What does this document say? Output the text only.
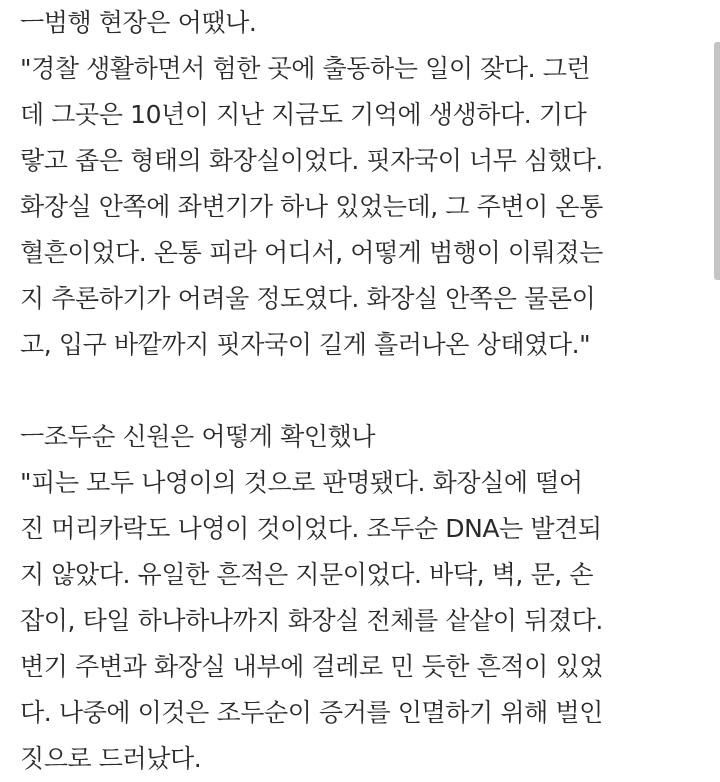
ㅡ범행 현장은 어땠나.
"경찰 생활하면서 험한 곳에 출동하는 일이 잦다. 그런
데 그곳은 10년이 지난 지금도 기억에 생생하다. 기다
랗고 좁은 형태의 화장실이었다. 핏자국이 너무 심했다.
화장실 안쪽에 좌변기가 하나 있었는데, 그 주변이 온통
혈흔이었다. 온통 피라 어디서, 어떻게 범행이 이뤄졌는
지 추론하기가 어려울 정도였다. 화장실 안쪽은 물론이
고, 입구 바깥까지 핏자국이 길게 흘러나온 상태였다."
ㅡ조두순 신원은 어떻게 확인했나
"피는 모두 나영이의 것으로 판명됐다. 화장실에 떨어
진 머리카락도 나영이 것이었다. 조두순 DNA는 발견되
지 않았다. 유일한 흔적은 지문이었다. 바닥, 벽, 문, 손
잡이, 타일 하나하나까지 화장실 전체를 샅샅이 뒤졌다.
변기 주변과 화장실 내부에 걸레로 민 듯한 흔적이 있었
다. 나중에 이것은 조두순이 증거를 인멸하기 위해 벌인
짓으로 드러났다.
